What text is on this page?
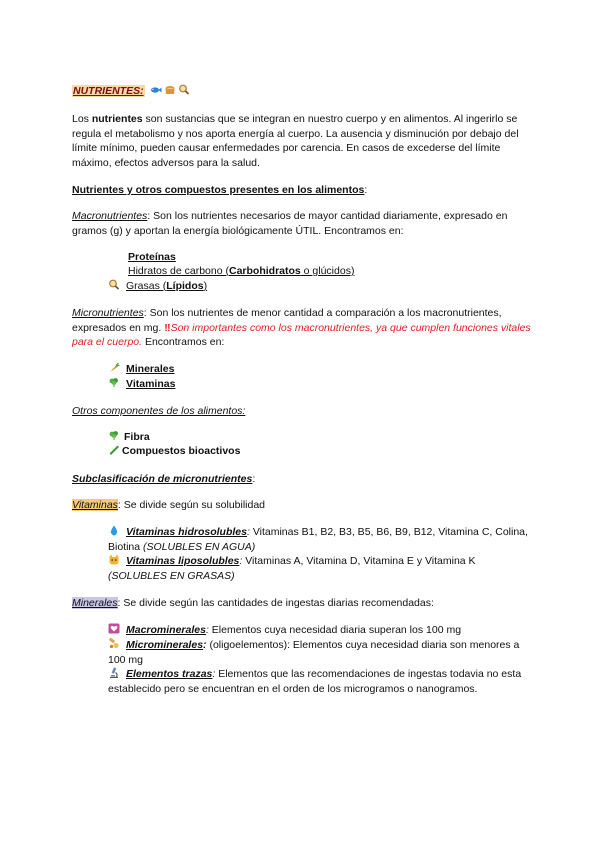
NUTRIENTES:
Los nutrientes son sustancias que se integran en nuestro cuerpo y en alimentos. Al ingerirlo se regula el metabolismo y nos aporta energía al cuerpo. La ausencia y disminución por debajo del límite mínimo, pueden causar enfermedades por carencia. En casos de excederse del límite máximo, efectos adversos para la salud.
Nutrientes y otros compuestos presentes en los alimentos:
Macronutrientes: Son los nutrientes necesarios de mayor cantidad diariamente, expresado en gramos (g) y aportan la energía biológicamente ÚTIL. Encontramos en:
Proteínas
Hidratos de carbono (Carbohidratos o glúcidos)
Grasas (Lípidos)
Micronutrientes: Son los nutrientes de menor cantidad a comparación a los macronutrientes, expresados en mg. ‼Son importantes como los macronutrientes, ya que cumplen funciones vitales para el cuerpo. Encontramos en:
Minerales
Vitaminas
Otros componentes de los alimentos:
Fibra
Compuestos bioactivos
Subclasificación de micronutrientes:
Vitaminas: Se divide según su solubilidad
Vitaminas hidrosolubles: Vitaminas B1, B2, B3, B5, B6, B9, B12, Vitamina C, Colina, Biotina (SOLUBLES EN AGUA)
Vitaminas liposolubles: Vitaminas A, Vitamina D, Vitamina E y Vitamina K (SOLUBLES EN GRASAS)
Minerales: Se divide según las cantidades de ingestas diarias recomendadas:
Macrominerales: Elementos cuya necesidad diaria superan los 100 mg
Microminerales: (oligoelementos): Elementos cuya necesidad diaria son menores a 100 mg
Elementos trazas: Elementos que las recomendaciones de ingestas todavia no esta establecido pero se encuentran en el orden de los microgramos o nanogramos.
